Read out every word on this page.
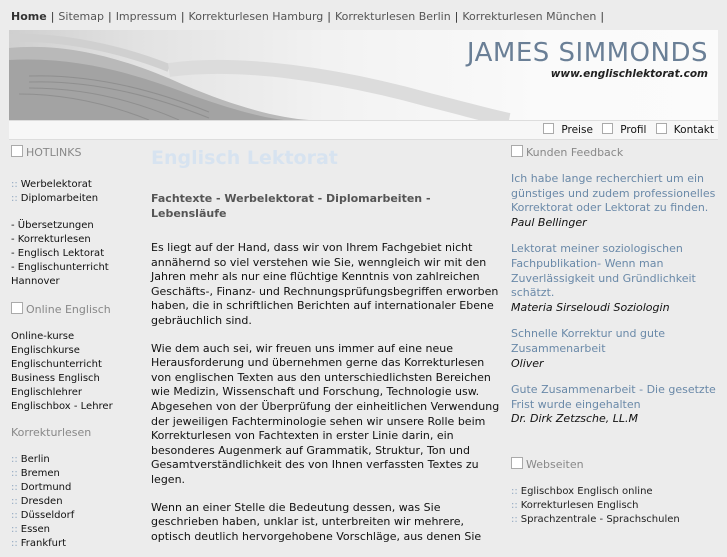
Home | Sitemap | Impressum | Korrekturlesen Hamburg | Korrekturlesen Berlin | Korrekturlesen München |
JAMES SIMMONDS
www.englischlektorat.com
Preise	Profil	Kontakt
HOTLINKS
:: Werbelektorat
:: Diplomarbeiten
- Übersetzungen
- Korrekturlesen
- Englisch Lektorat
- Englischunterricht
Hannover
Online Englisch
Online-kurse
Englischkurse
Englischunterricht
Business Englisch
Englischlehrer
Englischbox - Lehrer
Korrekturlesen
:: Berlin
:: Bremen
:: Dortmund
:: Dresden
:: Düsseldorf
:: Essen
:: Frankfurt
Englisch Lektorat
Fachtexte - Werbelektorat - Diplomarbeiten - Lebensläufe

Es liegt auf der Hand, dass wir von Ihrem Fachgebiet nicht annähernd so viel verstehen wie Sie, wenngleich wir mit den Jahren mehr als nur eine flüchtige Kenntnis von zahlreichen Geschäfts-, Finanz- und Rechnungsprüfungsbegriffen erworben haben, die in schriftlichen Berichten auf internationaler Ebene gebräuchlich sind.

Wie dem auch sei, wir freuen uns immer auf eine neue Herausforderung und übernehmen gerne das Korrekturlesen von englischen Texten aus den unterschiedlichsten Bereichen wie Medizin, Wissenschaft und Forschung, Technologie usw. Abgesehen von der Überprüfung der einheitlichen Verwendung der jeweiligen Fachterminologie sehen wir unsere Rolle beim Korrekturlesen von Fachtexten in erster Linie darin, ein besonderes Augenmerk auf Grammatik, Struktur, Ton und Gesamtverständlichkeit des von Ihnen verfassten Textes zu legen.

Wenn an einer Stelle die Bedeutung dessen, was Sie geschrieben haben, unklar ist, unterbreiten wir mehrere, optisch deutlich hervorgehobene Vorschläge, aus denen Sie

Kunden Feedback
Ich habe lange recherchiert um ein günstiges und zudem professionelles Korrektorat oder Lektorat zu finden.
Paul Bellinger
Lektorat meiner soziologischen Fachpublikation- Wenn man Zuverlässigkeit und Gründlichkeit schätzt.
Materia Sirseloudi Soziologin
Schnelle Korrektur und gute Zusammenarbeit
Oliver
Gute Zusammenarbeit - Die gesetzte Frist wurde eingehalten
Dr. Dirk Zetzsche, LL.M
Webseiten
:: Eglischbox Englisch online
:: Korrekturlesen Englisch
:: Sprachzentrale - Sprachschulen
